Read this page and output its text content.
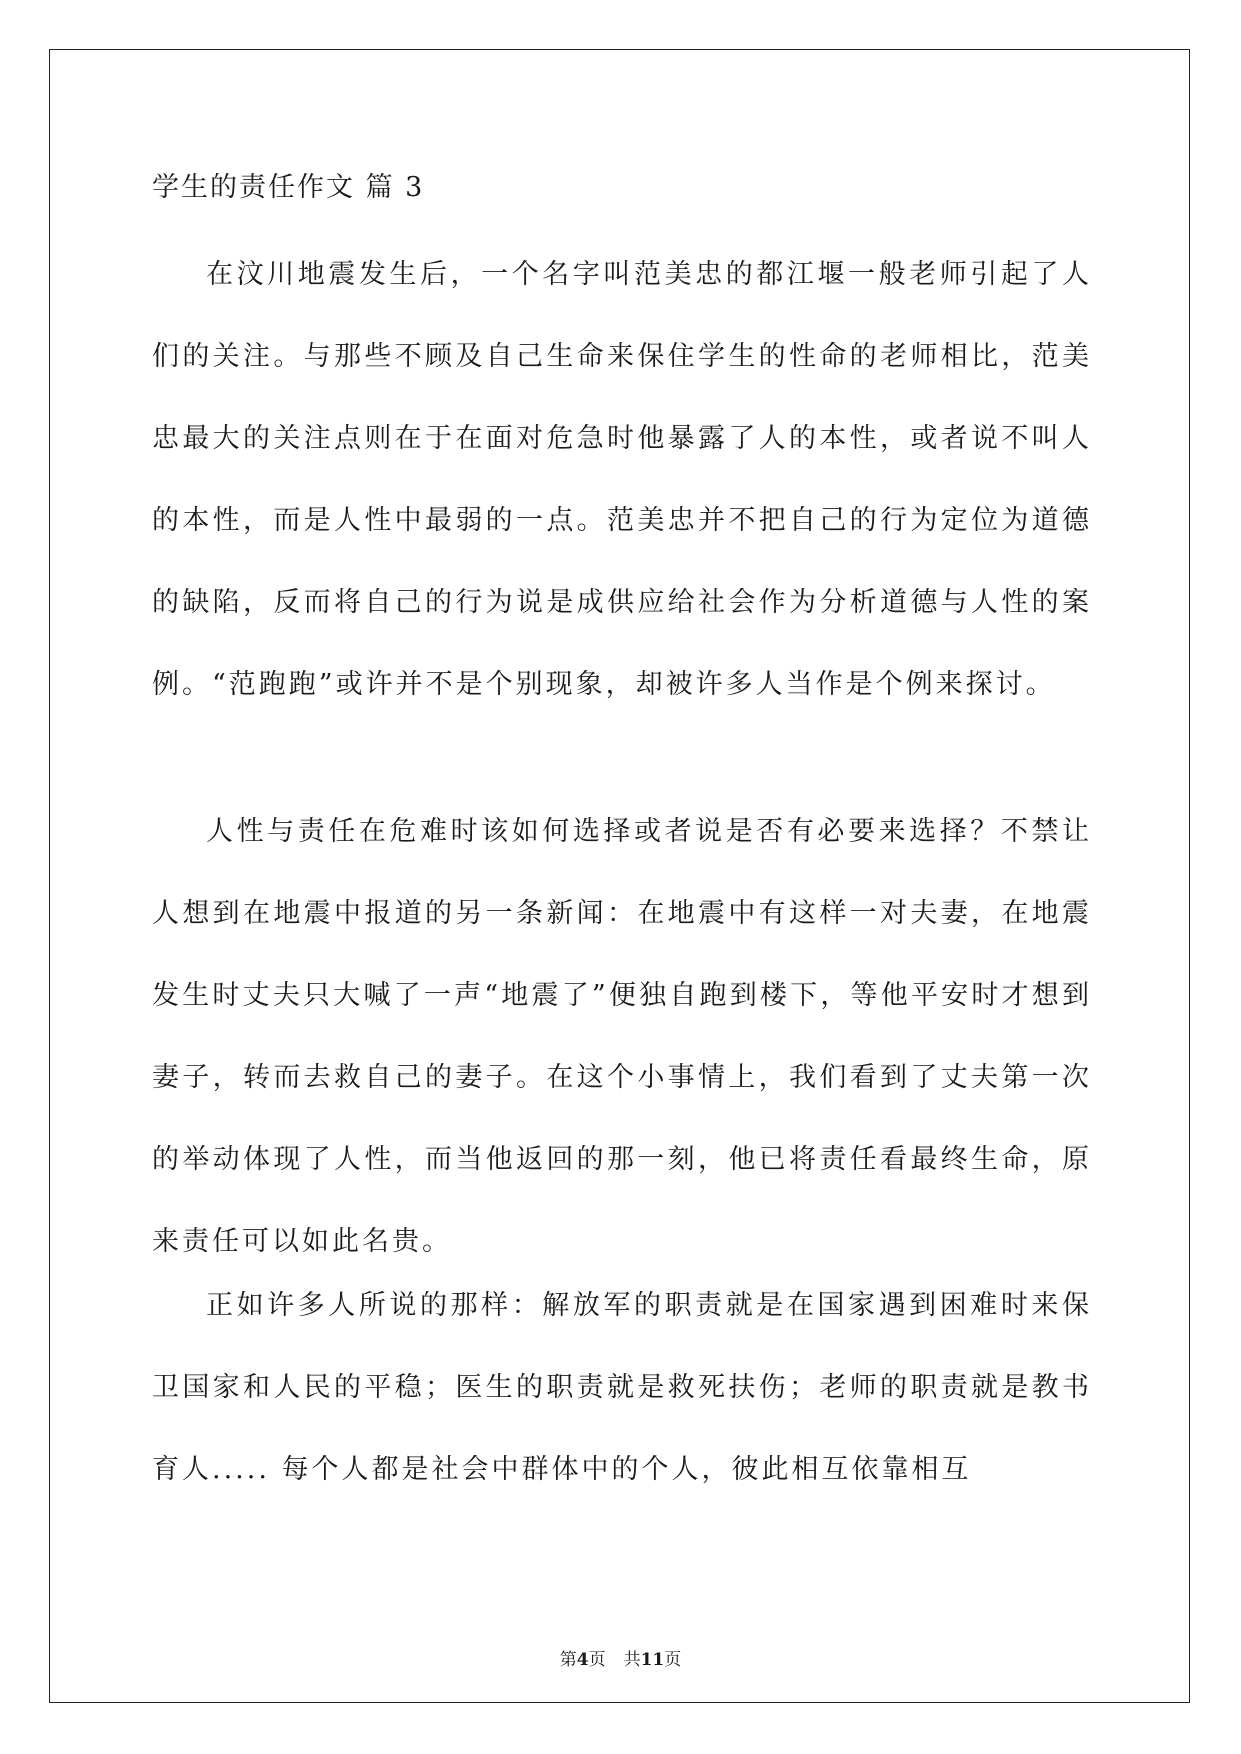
学生的责任作文 篇 3

在汶川地震发生后，一个名字叫范美忠的都江堰一般老师引起了人们的关注。与那些不顾及自己生命来保住学生的性命的老师相比，范美忠最大的关注点则在于在面对危急时他暴露了人的本性，或者说不叫人的本性，而是人性中最弱的一点。范美忠并不把自己的行为定位为道德的缺陷，反而将自己的行为说是成供应给社会作为分析道德与人性的案例。“范跑跑”或许并不是个别现象，却被许多人当作是个例来探讨。

人性与责任在危难时该如何选择或者说是否有必要来选择？不禁让人想到在地震中报道的另一条新闻：在地震中有这样一对夫妻，在地震发生时丈夫只大喊了一声“地震了”便独自跑到楼下，等他平安时才想到妻子，转而去救自己的妻子。在这个小事情上，我们看到了丈夫第一次的举动体现了人性，而当他返回的那一刻，他已将责任看最终生命，原来责任可以如此名贵。

正如许多人所说的那样：解放军的职责就是在国家遇到困难时来保卫国家和人民的平稳；医生的职责就是救死扶伤；老师的职责就是教书育人..... 每个人都是社会中群体中的个人，彼此相互依靠相互

第4页 共11页
